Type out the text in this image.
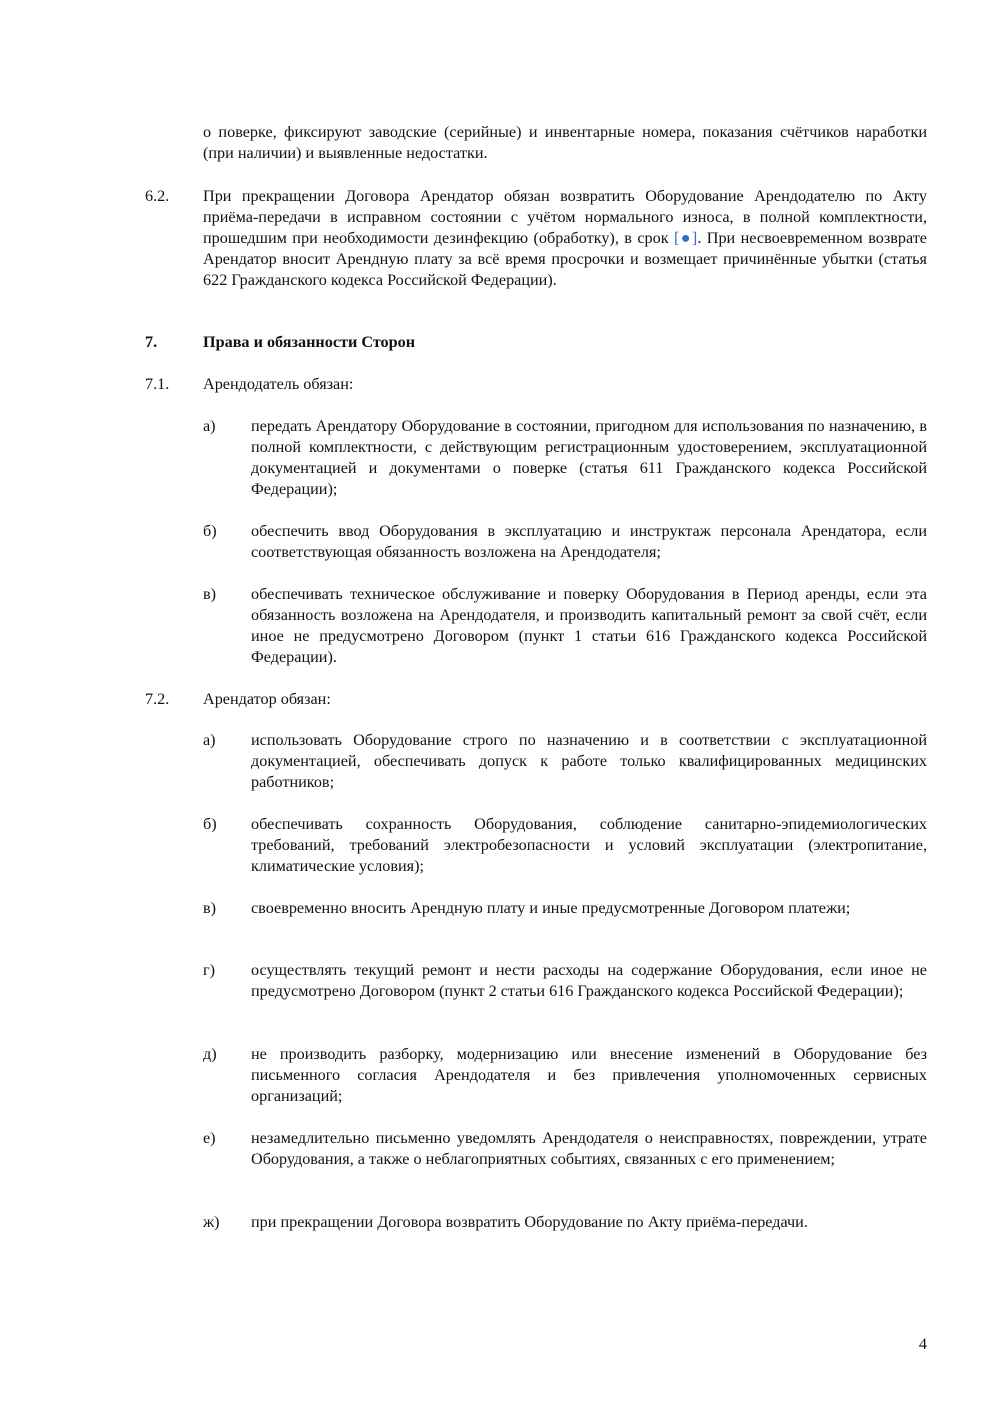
о поверке, фиксируют заводские (серийные) и инвентарные номера, показания счётчиков наработки (при наличии) и выявленные недостатки.

6.2. При прекращении Договора Арендатор обязан возвратить Оборудование Арендодателю по Акту приёма-передачи в исправном состоянии с учётом нормального износа, в полной комплектности, прошедшим при необходимости дезинфекцию (обработку), в срок [●]. При несвоевременном возврате Арендатор вносит Арендную плату за всё время просрочки и возмещает причинённые убытки (статья 622 Гражданского кодекса Российской Федерации).

7.	Права и обязанности Сторон

7.1. Арендодатель обязан:

а) передать Арендатору Оборудование в состоянии, пригодном для использования по назначению, в полной комплектности, с действующим регистрационным удостоверением, эксплуатационной документацией и документами о поверке (статья 611 Гражданского кодекса Российской Федерации);

б) обеспечить ввод Оборудования в эксплуатацию и инструктаж персонала Арендатора, если соответствующая обязанность возложена на Арендодателя;

в) обеспечивать техническое обслуживание и поверку Оборудования в Период аренды, если эта обязанность возложена на Арендодателя, и производить капитальный ремонт за свой счёт, если иное не предусмотрено Договором (пункт 1 статьи 616 Гражданского кодекса Российской Федерации).

7.2. Арендатор обязан:

а) использовать Оборудование строго по назначению и в соответствии с эксплуатационной документацией, обеспечивать допуск к работе только квалифицированных медицинских работников;

б) обеспечивать сохранность Оборудования, соблюдение санитарно-эпидемиологических требований, требований электробезопасности и условий эксплуатации (электропитание, климатические условия);

в) своевременно вносить Арендную плату и иные предусмотренные Договором платежи;

г) осуществлять текущий ремонт и нести расходы на содержание Оборудования, если иное не предусмотрено Договором (пункт 2 статьи 616 Гражданского кодекса Российской Федерации);

д) не производить разборку, модернизацию или внесение изменений в Оборудование без письменного согласия Арендодателя и без привлечения уполномоченных сервисных организаций;

е) незамедлительно письменно уведомлять Арендодателя о неисправностях, повреждении, утрате Оборудования, а также о неблагоприятных событиях, связанных с его применением;

ж) при прекращении Договора возвратить Оборудование по Акту приёма-передачи.

4
